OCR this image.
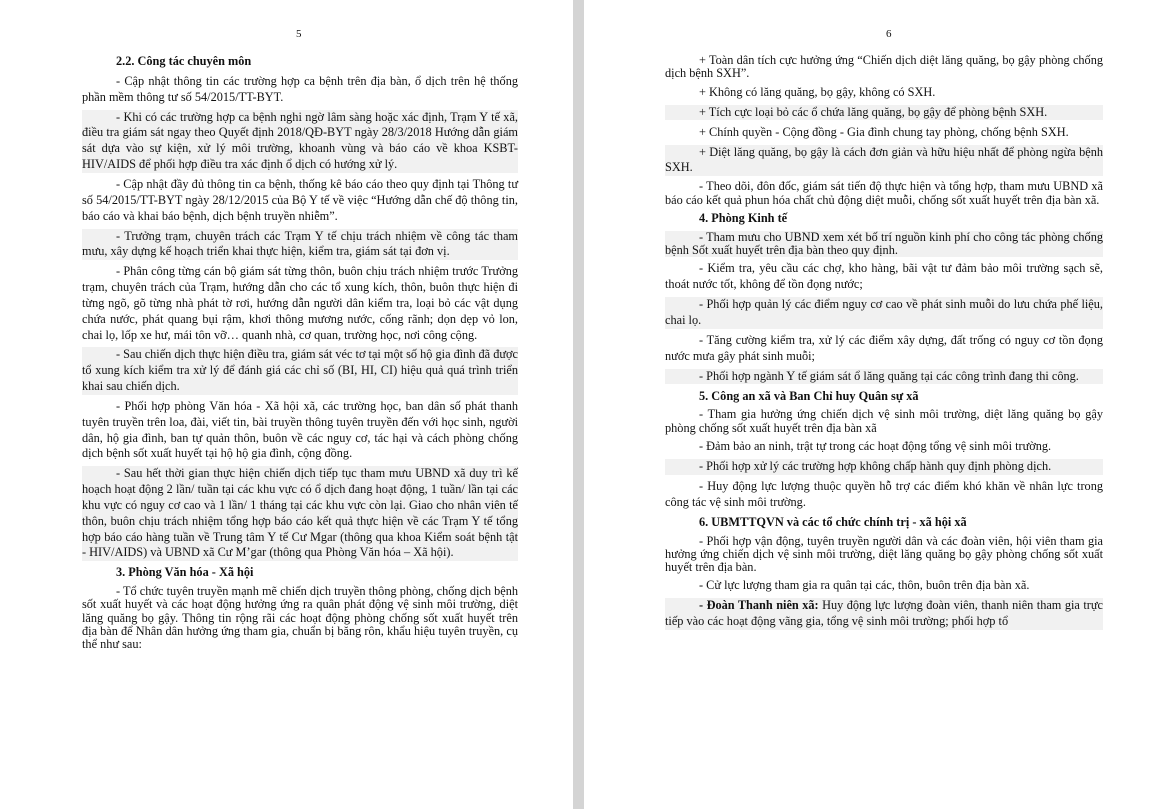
5
2.2. Công tác chuyên môn

- Cập nhật thông tin các trường hợp ca bệnh trên địa bàn, ổ dịch trên hệ thống phần mềm thông tư số 54/2015/TT-BYT.

- Khi có các trường hợp ca bệnh nghi ngờ lâm sàng hoặc xác định, Trạm Y tế xã, điều tra giám sát ngay theo Quyết định 2018/QĐ-BYT ngày 28/3/2018 Hướng dẫn giám sát dựa vào sự kiện, xử lý môi trường, khoanh vùng và báo cáo về khoa KSBT-HIV/AIDS để phối hợp điều tra xác định ổ dịch có hướng xử lý.

- Cập nhật đầy đủ thông tin ca bệnh, thống kê báo cáo theo quy định tại Thông tư số 54/2015/TT-BYT ngày 28/12/2015 của Bộ Y tế về việc “Hướng dẫn chế độ thông tin, báo cáo và khai báo bệnh, dịch bệnh truyền nhiễm”.

- Trưởng trạm, chuyên trách các Trạm Y tế chịu trách nhiệm về công tác tham mưu, xây dựng kế hoạch triển khai thực hiện, kiểm tra, giám sát tại đơn vị.

- Phân công từng cán bộ giám sát từng thôn, buôn chịu trách nhiệm trước Trưởng trạm, chuyên trách của Trạm, hướng dẫn cho các tổ xung kích, thôn, buôn thực hiện đi từng ngõ, gõ từng nhà phát tờ rơi, hướng dẫn người dân kiểm tra, loại bỏ các vật dụng chứa nước, phát quang bụi rậm, khơi thông mương nước, cống rãnh; dọn dẹp vỏ lon, chai lọ, lốp xe hư, mái tôn vỡ… quanh nhà, cơ quan, trường học, nơi công cộng.

- Sau chiến dịch thực hiện điều tra, giám sát véc tơ tại một số hộ gia đình đã được tổ xung kích kiểm tra xử lý để đánh giá các chỉ số (BI, HI, CI) hiệu quả quá trình triển khai sau chiến dịch.

- Phối hợp phòng Văn hóa - Xã hội xã, các trường học, ban dân số phát thanh tuyên truyền trên loa, đài, viết tin, bài truyền thông tuyên truyền đến với học sinh, người dân, hộ gia đình, ban tự quản thôn, buôn về các nguy cơ, tác hại và cách phòng chống dịch bệnh sốt xuất huyết tại hộ hộ gia đình, cộng đồng.

- Sau hết thời gian thực hiện chiến dịch tiếp tục tham mưu UBND xã duy trì kế hoạch hoạt động 2 lần/ tuần tại các khu vực có ổ dịch đang hoạt động, 1 tuần/ lần tại các khu vực có nguy cơ cao và 1 lần/ 1 tháng tại các khu vực còn lại. Giao cho nhân viên tế thôn, buôn chịu trách nhiệm tổng hợp báo cáo kết quả thực hiện về các Trạm Y tế tổng hợp báo cáo hàng tuần về Trung tâm Y tế Cư Mgar (thông qua khoa Kiểm soát bệnh tật - HIV/AIDS) và UBND xã Cư M’gar (thông qua Phòng Văn hóa – Xã hội).

3. Phòng Văn hóa - Xã hội

- Tổ chức tuyên truyền mạnh mẽ chiến dịch truyền thông phòng, chống dịch bệnh sốt xuất huyết và các hoạt động hưởng ứng ra quân phát động vệ sinh môi trường, diệt lăng quăng bọ gậy. Thông tin rộng rãi các hoạt động phòng chống sốt xuất huyết trên địa bàn để Nhân dân hưởng ứng tham gia, chuẩn bị băng rôn, khẩu hiệu tuyên truyền, cụ thể như sau:

6

+ Toàn dân tích cực hưởng ứng “Chiến dịch diệt lăng quăng, bọ gậy phòng chống dịch bệnh SXH”.

+ Không có lăng quăng, bọ gậy, không có SXH.

+ Tích cực loại bỏ các ổ chứa lăng quăng, bọ gậy để phòng bệnh SXH.

+ Chính quyền - Cộng đồng - Gia đình chung tay phòng, chống bệnh SXH.

+ Diệt lăng quăng, bọ gậy là cách đơn giản và hữu hiệu nhất để phòng ngừa bệnh SXH.

- Theo dõi, đôn đốc, giám sát tiến độ thực hiện và tổng hợp, tham mưu UBND xã báo cáo kết quả phun hóa chất chủ động diệt muỗi, chống sốt xuất huyết trên địa bàn xã.

4. Phòng Kinh tế

- Tham mưu cho UBND xem xét bố trí nguồn kinh phí cho công tác phòng chống bệnh Sốt xuất huyết trên địa bàn theo quy định.

- Kiểm tra, yêu cầu các chợ, kho hàng, bãi vật tư đảm bảo môi trường sạch sẽ, thoát nước tốt, không để tồn đọng nước;

- Phối hợp quản lý các điểm nguy cơ cao về phát sinh muỗi do lưu chứa phế liệu, chai lọ.

- Tăng cường kiểm tra, xử lý các điểm xây dựng, đất trống có nguy cơ tồn đọng nước mưa gây phát sinh muỗi;

- Phối hợp ngành Y tế giám sát ổ lăng quăng tại các công trình đang thi công.

5. Công an xã và Ban Chỉ huy Quân sự xã

- Tham gia hưởng ứng chiến dịch vệ sinh môi trường, diệt lăng quăng bọ gậy phòng chống sốt xuất huyết trên địa bàn xã

- Đảm bảo an ninh, trật tự trong các hoạt động tổng vệ sinh môi trường.

- Phối hợp xử lý các trường hợp không chấp hành quy định phòng dịch.

- Huy động lực lượng thuộc quyền hỗ trợ các điểm khó khăn về nhân lực trong công tác vệ sinh môi trường.

6. UBMTTQVN và các tổ chức chính trị - xã hội xã

- Phối hợp vận động, tuyên truyền người dân và các đoàn viên, hội viên tham gia hưởng ứng chiến dịch vệ sinh môi trường, diệt lăng quăng bọ gậy phòng chống sốt xuất huyết trên địa bàn.

- Cử lực lượng tham gia ra quân tại các, thôn, buôn trên địa bàn xã.

- Đoàn Thanh niên xã: Huy động lực lượng đoàn viên, thanh niên tham gia trực tiếp vào các hoạt động vãng gia, tổng vệ sinh môi trường; phối hợp tổ
